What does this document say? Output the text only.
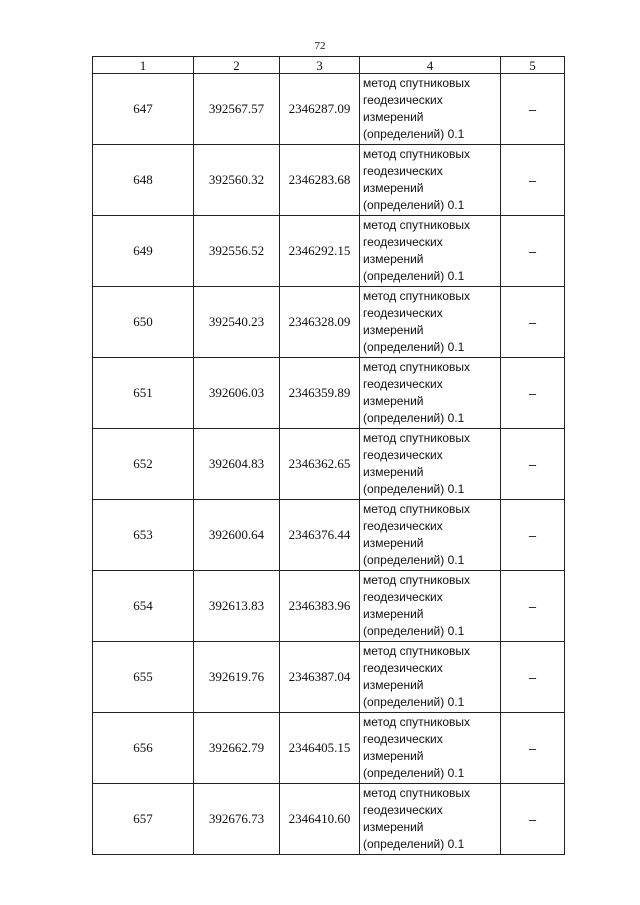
72
1	2	3	4	5
647	392567.57	2346287.09	метод спутниковых геодезических измерений (определений) 0.1	–
648	392560.32	2346283.68	метод спутниковых геодезических измерений (определений) 0.1	–
649	392556.52	2346292.15	метод спутниковых геодезических измерений (определений) 0.1	–
650	392540.23	2346328.09	метод спутниковых геодезических измерений (определений) 0.1	–
651	392606.03	2346359.89	метод спутниковых геодезических измерений (определений) 0.1	–
652	392604.83	2346362.65	метод спутниковых геодезических измерений (определений) 0.1	–
653	392600.64	2346376.44	метод спутниковых геодезических измерений (определений) 0.1	–
654	392613.83	2346383.96	метод спутниковых геодезических измерений (определений) 0.1	–
655	392619.76	2346387.04	метод спутниковых геодезических измерений (определений) 0.1	–
656	392662.79	2346405.15	метод спутниковых геодезических измерений (определений) 0.1	–
657	392676.73	2346410.60	метод спутниковых геодезических измерений (определений) 0.1	–
